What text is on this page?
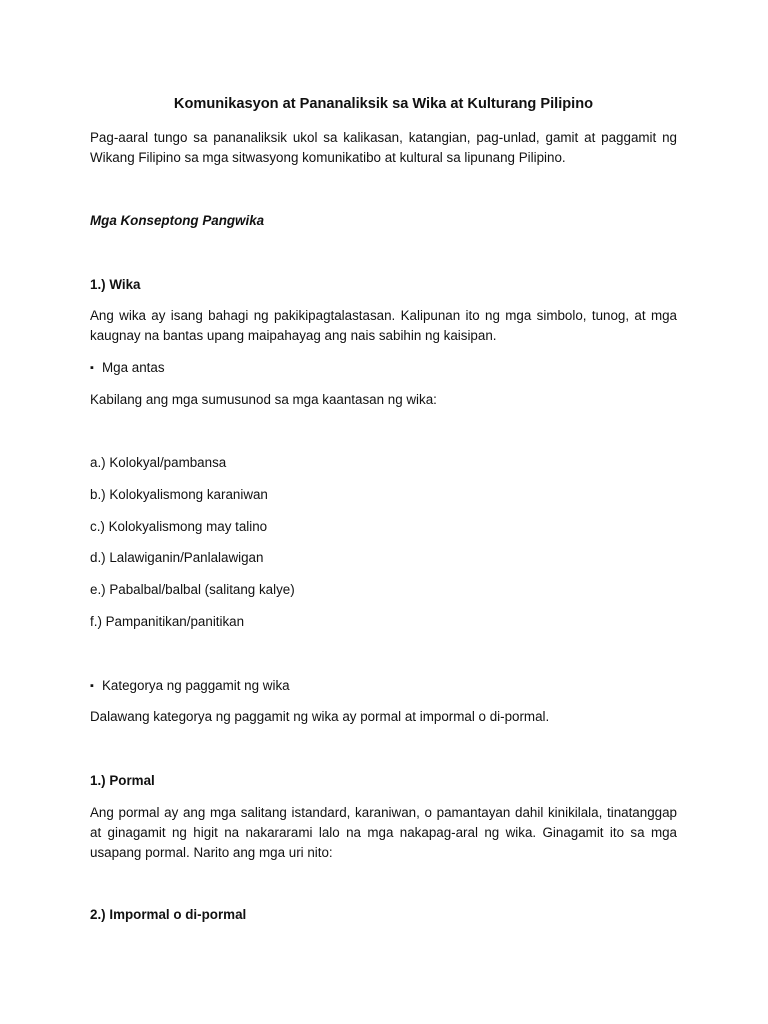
Komunikasyon at Pananaliksik sa Wika at Kulturang Pilipino
Pag-aaral tungo sa pananaliksik ukol sa kalikasan, katangian, pag-unlad, gamit at paggamit ng Wikang Filipino sa mga sitwasyong komunikatibo at kultural sa lipunang Pilipino.
Mga Konseptong Pangwika
1.) Wika
Ang wika ay isang bahagi ng pakikipagtalastasan. Kalipunan ito ng mga simbolo, tunog, at mga kaugnay na bantas upang maipahayag ang nais sabihin ng kaisipan.
▪ Mga antas
Kabilang ang mga sumusunod sa mga kaantasan ng wika:
a.) Kolokyal/pambansa
b.) Kolokyalismong karaniwan
c.) Kolokyalismong may talino
d.) Lalawiganin/Panlalawigan
e.) Pabalbal/balbal (salitang kalye)
f.) Pampanitikan/panitikan
▪ Kategorya ng paggamit ng wika
Dalawang kategorya ng paggamit ng wika ay pormal at impormal o di-pormal.
1.) Pormal
Ang pormal ay ang mga salitang istandard, karaniwan, o pamantayan dahil kinikilala, tinatanggap at ginagamit ng higit na nakararami lalo na mga nakapag-aral ng wika. Ginagamit ito sa mga usapang pormal. Narito ang mga uri nito:
2.) Impormal o di-pormal
